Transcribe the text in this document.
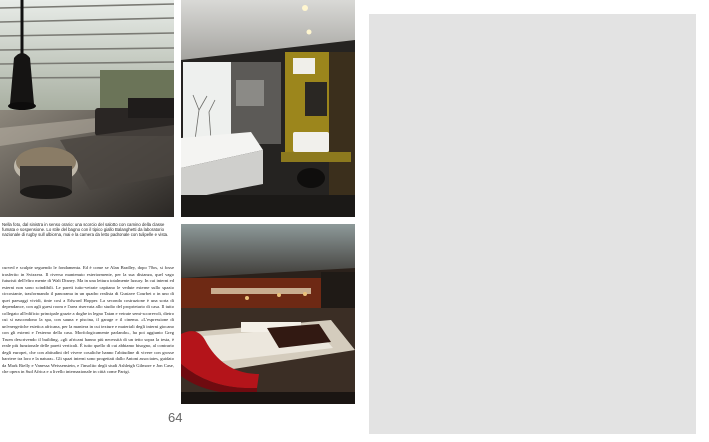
Nella foto, dal sinistra in senso orario: una scorcio del salotto con camino della classe fumata e sospensione. Lo stile del bagno con il tipico giallo Balanghetti da laboratorio nazionale di rugby sull ulbiorna, mai e la camera da letto padronale con tulipelle e vista.
curved e sculpte seguendo le fondamenta. Ed è come se Alan Bradley, dopo 70os, si fosse trasferito in Svizzera. Il riverso mantenuto esteriormente, per la sua distanza, quel vago futuristi dell'eltro mente di Walt Disney. Ma in una lettura totalmente luxury. In cui interni ed esterni non sono scindibili. Le pareti tutto-vetrate capitano le vedute esterne sullo spazio circostante, trasformando il panorama in un quadro realista di Gustave Courbet o in uno di quei paesaggi vividi, tinte così a Edward Hopper. La seconda costruzione è una sorta di dependance, con agli guest room e l'area riservata allo studio del proprietario di casa. Il tutto collegato all'edificio principale grazie a doghe in legno Tatan e vetrate semi-scorrevoli, dietro cui si nascondono la spa, con sauna e piscina, il garage e il cinema. «L'espressione di un'energetiche estetica africana, per la maniera in cui texture e materiali degli interni giocano con gli esterni e l'esterno della casa. Morfologicamente parlando», ha poi aggiunto Greg Truen descrivendo il building, «gli africani hanno più necessità di un tetto sopra la testa, è reale più funzionale delle pareti verticali. È tutto quello di cui abbiamo bisogno, al contrario degli europei, che con abitudini del vivere cosaliche hanno l'abitudine di vivere con grosse barriere tra loro e la natura». Gli spazi interni sono progettati dallo Antoni associates, guidato da Mark Rielly e Vanessa Weissenstein, e l'insolito degli studi Ashleigh Gilmore e Jon Case, che opera in Sud Africa e a livello internazionale in città come Parigi.
64
